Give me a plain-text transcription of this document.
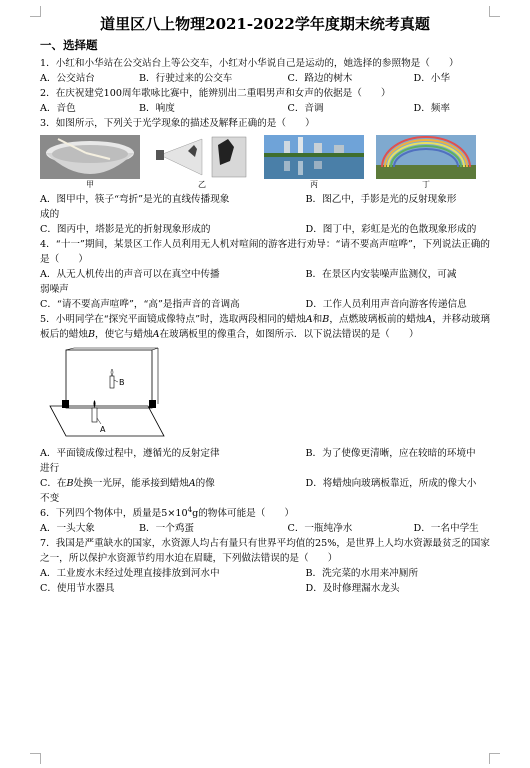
道里区八上物理2021-2022学年度期末统考真题
一、选择题

1．小红和小华站在公交站台上等公交车，小红对小华说自己是运动的，她选择的参照物是（　　）

A．公交站台	B．行驶过来的公交车	C．路边的树木	D．小华

2．在庆祝建党100周年歌咏比赛中，能辨别出二重唱男声和女声的依据是（　　）

A．音色	B．响度	C．音调	D．频率

3．如图所示，下列关于光学现象的描述及解释正确的是（　　）

甲	乙	丙	丁
A．图甲中，筷子“弯折”是光的直线传播现象	B．图乙中，手影是光的反射现象形
成的
C．图丙中，塔影是光的折射现象形成的	D．图丁中，彩虹是光的色散现象形成的

4．“十一”期间，某景区工作人员利用无人机对喧闹的游客进行劝导：“请不要高声喧哗”，下列说法正确的是（　　）

A．从无人机传出的声音可以在真空中传播	B．在景区内安装噪声监测仪，可减
弱噪声
C．“请不要高声喧哗”，“高”是指声音的音调高	D．工作人员利用声音向游客传递信息

5．小明同学在“探究平面镜成像特点”时，选取两段相同的蜡烛A和B，点燃玻璃板前的蜡烛A，并移动玻璃板后的蜡烛B，使它与蜡烛A在玻璃板里的像重合，如图所示．以下说法错误的是（　　）

B
A
A．平面镜成像过程中，遵循光的反射定律	B．为了使像更清晰，应在较暗的环境中
进行
C．在B处换一光屏，能承接到蜡烛A的像	D．将蜡烛向玻璃板靠近，所成的像大小
不变

6．下列四个物体中，质量是$5\times 10^4g$的物体可能是（　　）

A．一头大象	B．一个鸡蛋	C．一瓶纯净水	D．一名中学生

7．我国是严重缺水的国家，水资源人均占有量只有世界平均值的25%，是世界上人均水资源最贫乏的国家之一，所以保护水资源节约用水迫在眉睫，下列做法错误的是（　　）

A．工业废水未经过处理直接排放到河水中	B．洗完菜的水用来冲厕所
C．使用节水器具	D．及时修理漏水龙头
